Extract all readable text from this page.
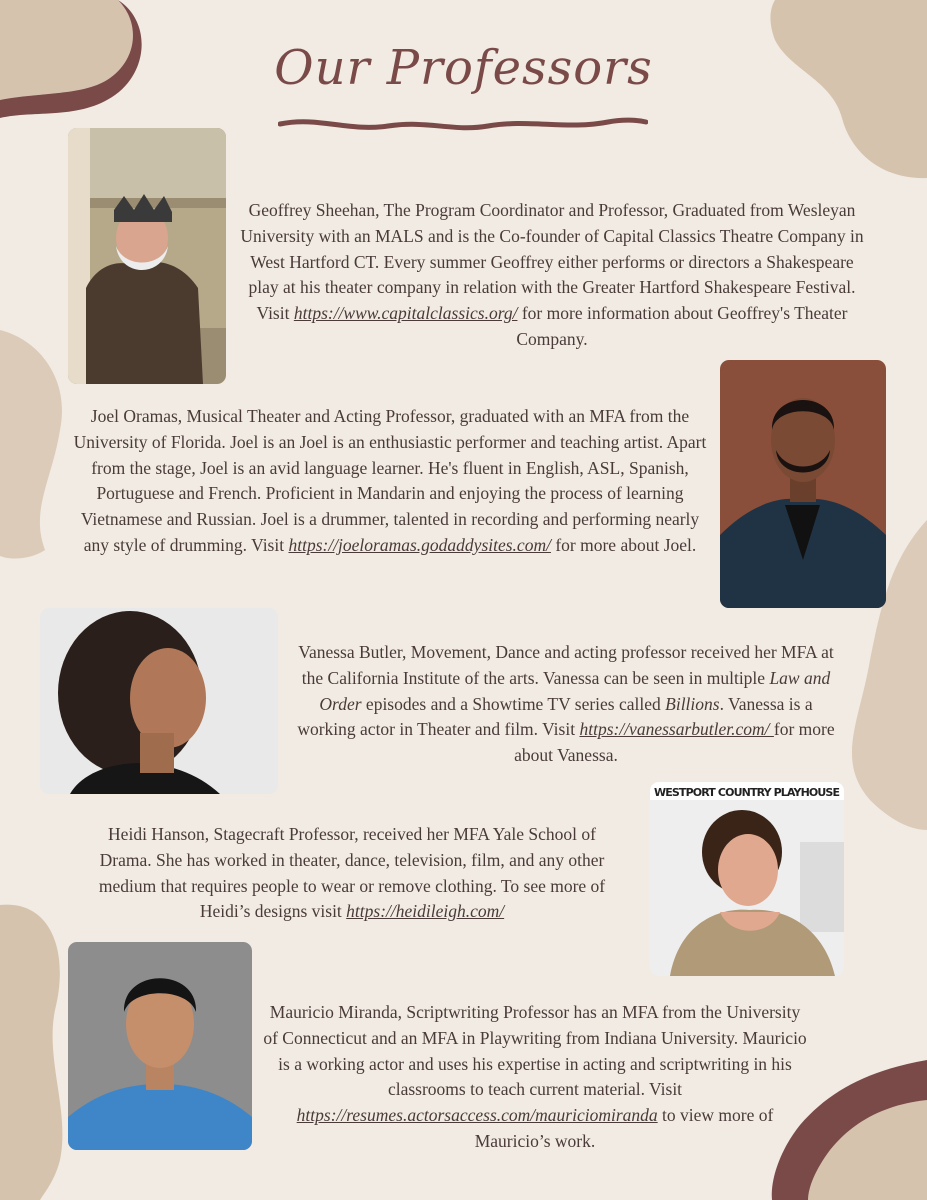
Our Professors

Geoffrey Sheehan, The Program Coordinator and Professor, Graduated from Wesleyan University with an MALS and is the Co-founder of Capital Classics Theatre Company in West Hartford CT. Every summer Geoffrey either performs or directors a Shakespeare play at his theater company in relation with the Greater Hartford Shakespeare Festival. Visit https://www.capitalclassics.org/ for more information about Geoffrey's Theater Company.

Joel Oramas, Musical Theater and Acting Professor, graduated with an MFA from the University of Florida. Joel is an Joel is an enthusiastic performer and teaching artist. Apart from the stage, Joel is an avid language learner. He's fluent in English, ASL, Spanish, Portuguese and French. Proficient in Mandarin and enjoying the process of learning Vietnamese and Russian. Joel is a drummer, talented in recording and performing nearly any style of drumming. Visit https://joeloramas.godaddysites.com/ for more about Joel.

Vanessa Butler, Movement, Dance and acting professor received her MFA at the California Institute of the arts. Vanessa can be seen in multiple Law and Order episodes and a Showtime TV series called Billions. Vanessa is a working actor in Theater and film. Visit https://vanessarbutler.com/ for more about Vanessa.

WESTPORT COUNTRY PLAYHOUSE

Heidi Hanson, Stagecraft Professor, received her MFA Yale School of Drama. She has worked in theater, dance, television, film, and any other medium that requires people to wear or remove clothing. To see more of Heidi’s designs visit https://heidileigh.com/

Mauricio Miranda, Scriptwriting Professor has an MFA from the University of Connecticut and an MFA in Playwriting from Indiana University. Mauricio is a working actor and uses his expertise in acting and scriptwriting in his classrooms to teach current material. Visit https://resumes.actorsaccess.com/mauriciomiranda to view more of Mauricio’s work.
